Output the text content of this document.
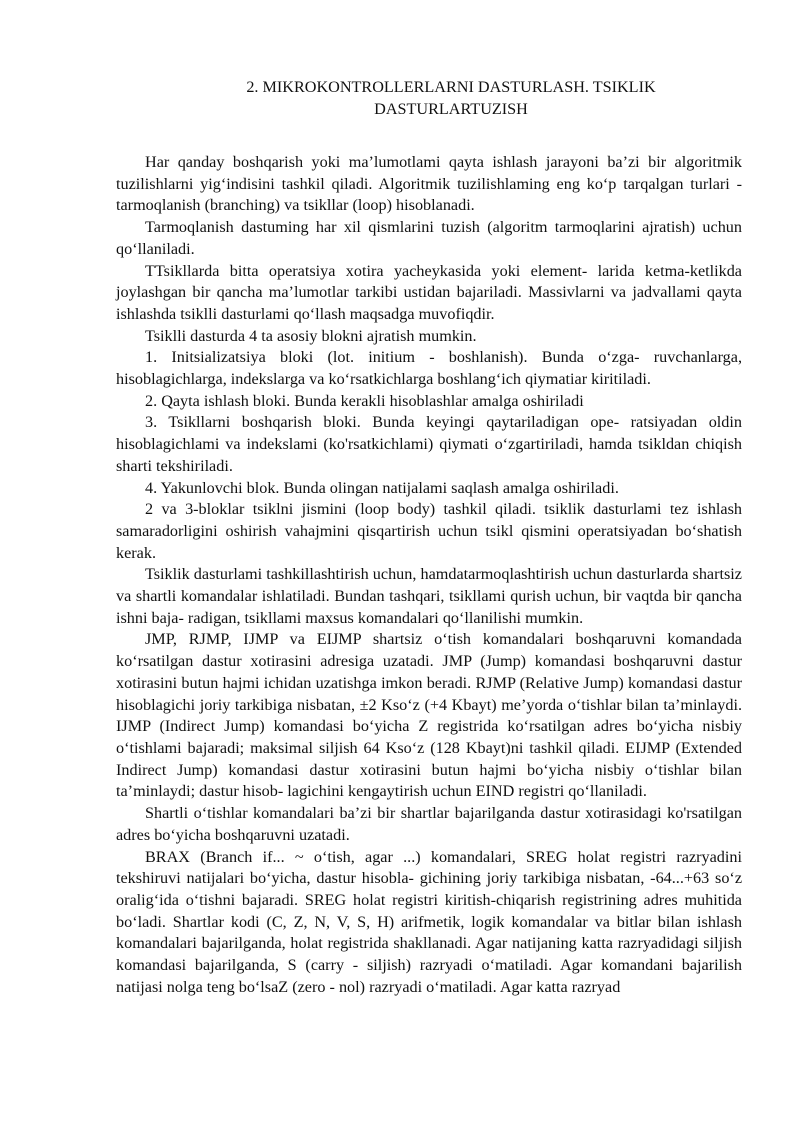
2. MIKROKONTROLLERLARNI DASTURLASH. TSIKLIK
DASTURLARTUZISH

Har qanday boshqarish yoki ma’lumotlami qayta ishlash jarayoni ba’zi bir algoritmik tuzilishlarni yig‘indisini tashkil qiladi. Algoritmik tuzilishlaming eng ko‘p tarqalgan turlari - tarmoqlanish (branching) va tsikllar (loop) hisoblanadi.

Tarmoqlanish dastuming har xil qismlarini tuzish (algoritm tarmoqlarini ajratish) uchun qo‘llaniladi.

TTsikllarda bitta operatsiya xotira yacheykasida yoki element- larida ketma-ketlikda joylashgan bir qancha ma’lumotlar tarkibi ustidan bajariladi. Massivlarni va jadvallami qayta ishlashda tsiklli dasturlami qo‘llash maqsadga muvofiqdir.

Tsiklli dasturda 4 ta asosiy blokni ajratish mumkin.

1. Initsializatsiya bloki (lot. initium - boshlanish). Bunda o‘zga- ruvchanlarga, hisoblagichlarga, indekslarga va ko‘rsatkichlarga boshlang‘ich qiymatiar kiritiladi.

2. Qayta ishlash bloki. Bunda kerakli hisoblashlar amalga oshiriladi

3. Tsikllarni boshqarish bloki. Bunda keyingi qaytariladigan ope- ratsiyadan oldin hisoblagichlami va indekslami (ko'rsatkichlami) qiymati o‘zgartiriladi, hamda tsikldan chiqish sharti tekshiriladi.

4. Yakunlovchi blok. Bunda olingan natijalami saqlash amalga oshiriladi.

2 va 3-bloklar tsiklni jismini (loop body) tashkil qiladi. tsiklik dasturlami tez ishlash samaradorligini oshirish vahajmini qisqartirish uchun tsikl qismini operatsiyadan bo‘shatish kerak.

Tsiklik dasturlami tashkillashtirish uchun, hamdatarmoqlashtirish uchun dasturlarda shartsiz va shartli komandalar ishlatiladi. Bundan tashqari, tsikllami qurish uchun, bir vaqtda bir qancha ishni baja- radigan, tsikllami maxsus komandalari qo‘llanilishi mumkin.

JMP, RJMP, IJMP va EIJMP shartsiz o‘tish komandalari boshqaruvni komandada ko‘rsatilgan dastur xotirasini adresiga uzatadi. JMP (Jump) komandasi boshqaruvni dastur xotirasini butun hajmi ichidan uzatishga imkon beradi. RJMP (Relative Jump) komandasi dastur hisoblagichi joriy tarkibiga nisbatan, ±2 Kso‘z (+4 Kbayt) me’yorda o‘tishlar bilan ta’minlaydi. IJMP (Indirect Jump) komandasi bo‘yicha Z registrida ko‘rsatilgan adres bo‘yicha nisbiy o‘tishlami bajaradi; maksimal siljish 64 Kso‘z (128 Kbayt)ni tashkil qiladi. EIJMP (Extended Indirect Jump) komandasi dastur xotirasini butun hajmi bo‘yicha nisbiy o‘tishlar bilan ta’minlaydi; dastur hisob- lagichini kengaytirish uchun EIND registri qo‘llaniladi.

Shartli o‘tishlar komandalari ba’zi bir shartlar bajarilganda dastur xotirasidagi ko'rsatilgan adres bo‘yicha boshqaruvni uzatadi.

BRAX (Branch if... ~ o‘tish, agar ...) komandalari, SREG holat registri razryadini tekshiruvi natijalari bo‘yicha, dastur hisobla- gichining joriy tarkibiga nisbatan, -64...+63 so‘z oralig‘ida o‘tishni bajaradi. SREG holat registri kiritish-chiqarish registrining adres muhitida bo‘ladi. Shartlar kodi (C, Z, N, V, S, H) arifmetik, logik komandalar va bitlar bilan ishlash komandalari bajarilganda, holat registrida shakllanadi. Agar natijaning katta razryadidagi siljish komandasi bajarilganda, S (carry - siljish) razryadi o‘matiladi. Agar komandani bajarilish natijasi nolga teng bo‘lsaZ (zero - nol) razryadi o‘matiladi. Agar katta razryad
